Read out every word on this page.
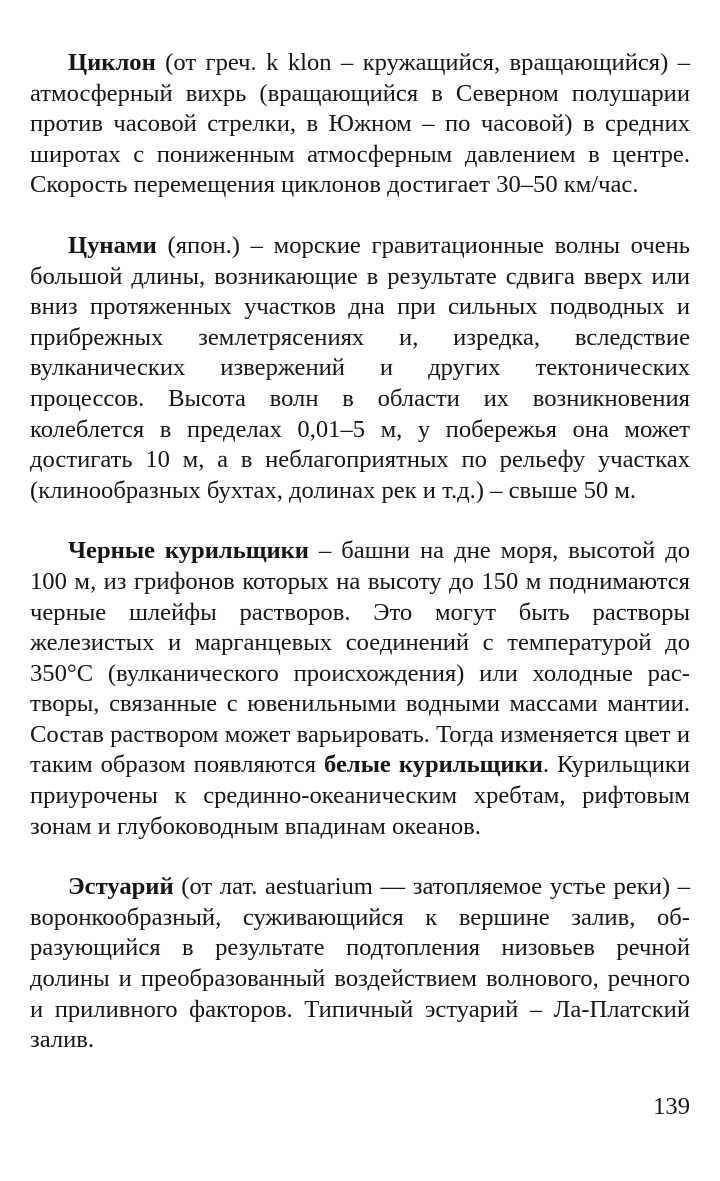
Циклон (от греч. k klon – кружащийся, вращающийся) – атмосферный вихрь (вращающийся в Северном полушарии против часовой стрелки, в Южном – по часовой) в средних широтах с пониженным атмосферным давлением в центре. Скорость перемещения циклонов достигает 30–50 км/час.

Цунами (япон.) – морские гравитационные волны очень большой длины, возникающие в результате сдвига вверх или вниз протяженных участков дна при сильных подводных и прибрежных землетрясениях и, изредка, вследствие вулканических извержений и других тектонических процессов. Высота волн в области их возникновения колеблется в пределах 0,01–5 м, у побережья она может достигать 10 м, а в неблагоприятных по рельефу участках (клинообразных бухтах, долинах рек и т.д.) – свыше 50 м.

Черные курильщики – башни на дне моря, высотой до 100 м, из грифонов которых на высоту до 150 м поднимаются черные шлейфы растворов. Это могут быть растворы железистых и марганцевых соединений с температурой до 350°С (вулканического происхождения) или холодные растворы, связанные с ювенильными водными массами мантии. Состав раствором может варьировать. Тогда изменяется цвет и таким образом появляются белые курильщики. Курильщики приурочены к срединно-океаническим хребтам, рифтовым зонам и глубоководным впадинам океанов.

Эстуарий (от лат. aestuarium — затопляемое устье реки) – воронкообразный, суживающийся к вершине залив, образующийся в результате подтопления низовьев речной долины и преобразованный воздействием волнового, речного и приливного факторов. Типичный эстуарий – Ла-Платский залив.

139
